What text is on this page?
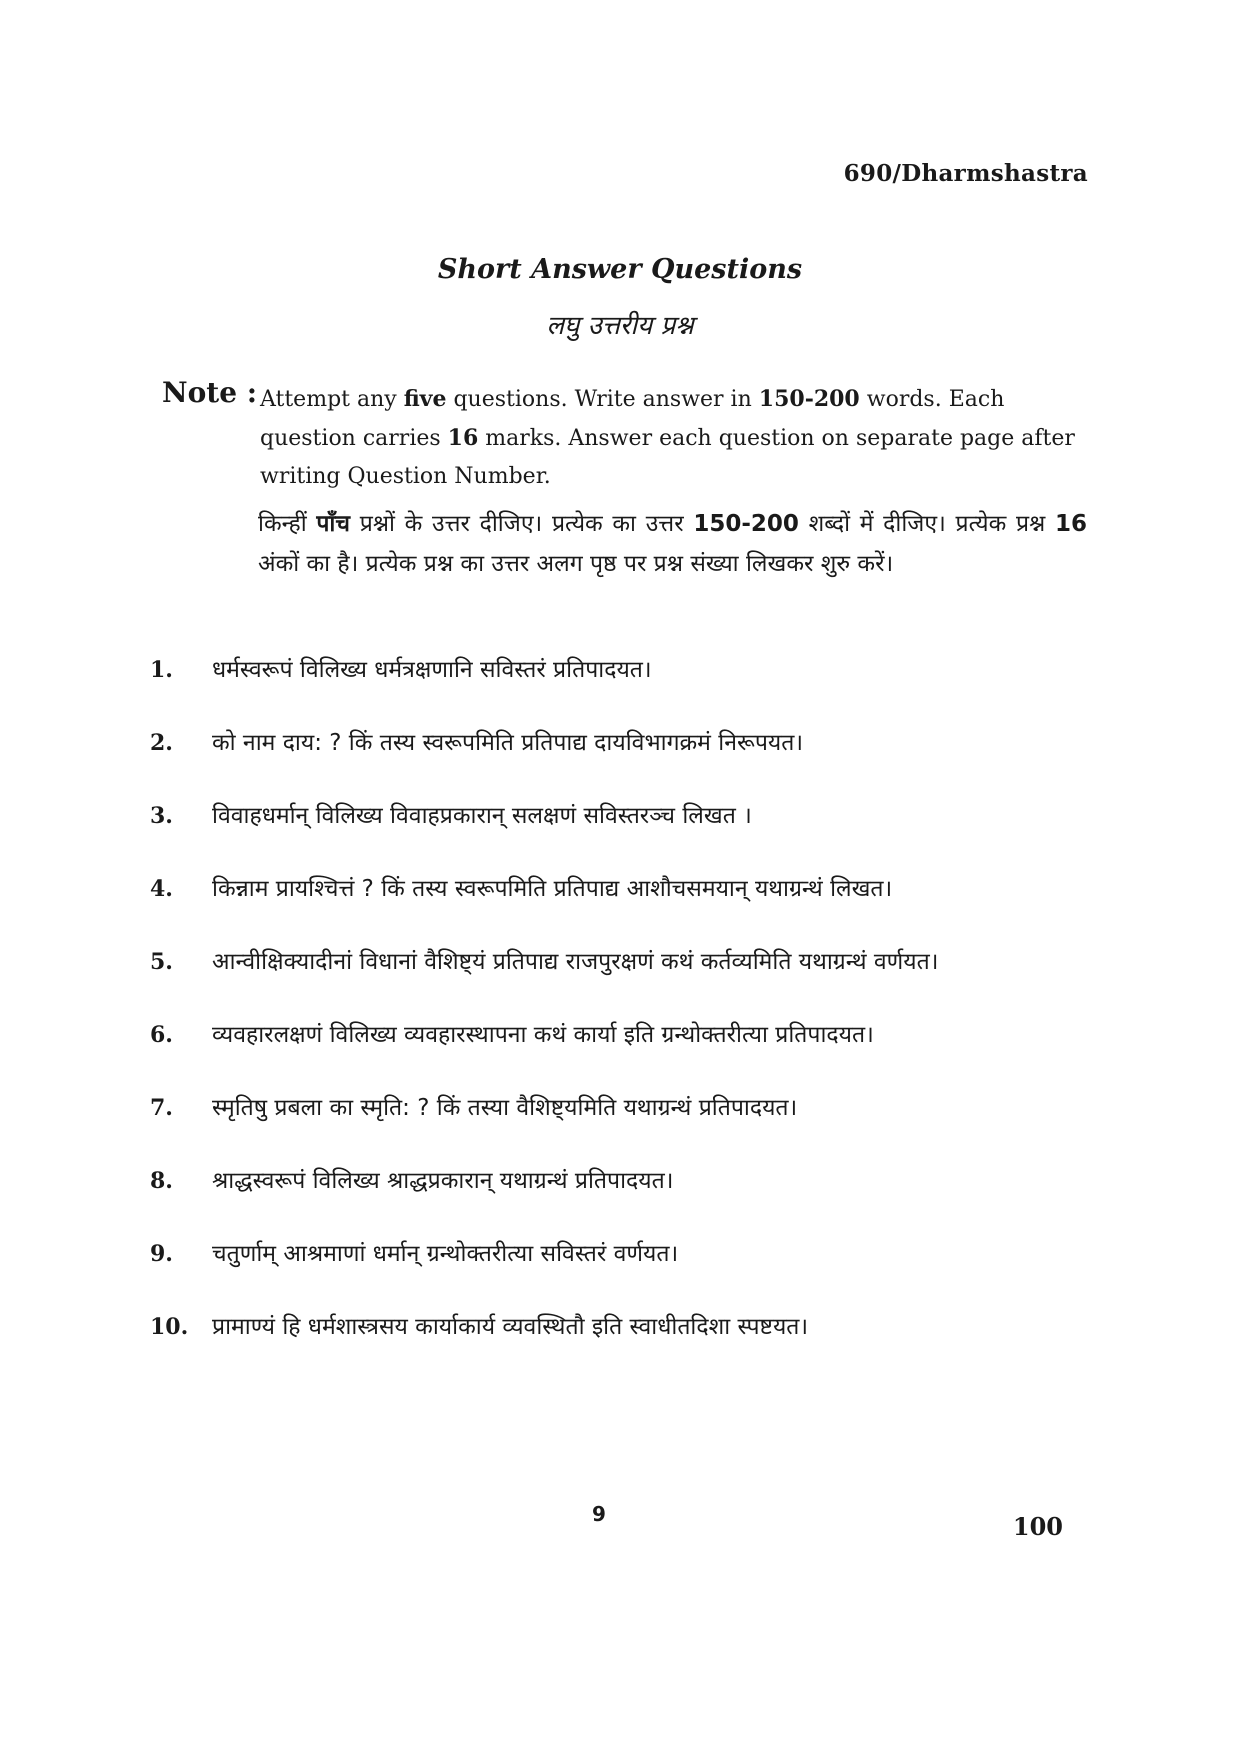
690/Dharmshastra
Short Answer Questions
लघु उत्तरीय प्रश्न
Note : Attempt any five questions. Write answer in 150-200 words. Each question carries 16 marks. Answer each question on separate page after writing Question Number.
किन्हीं पाँच प्रश्नों के उत्तर दीजिए। प्रत्येक का उत्तर 150-200 शब्दों में दीजिए। प्रत्येक प्रश्न 16 अंकों का है। प्रत्येक प्रश्न का उत्तर अलग पृष्ठ पर प्रश्न संख्या लिखकर शुरु करें।
1.	धर्मस्वरूपं विलिख्य धर्मत्रक्षणानि सविस्तरं प्रतिपादयत।
2.	को नाम दाय: ? किं तस्य स्वरूपमिति प्रतिपाद्य दायविभागक्रमं निरूपयत।
3.	विवाहधर्मान् विलिख्य विवाहप्रकारान् सलक्षणं सविस्तरञ्च लिखत ।
4.	किन्नाम प्रायश्चित्तं ? किं तस्य स्वरूपमिति प्रतिपाद्य आशौचसमयान् यथाग्रन्थं लिखत।
5.	आन्वीक्षिक्यादीनां विधानां वैशिष्ट्यं प्रतिपाद्य राजपुरक्षणं कथं कर्तव्यमिति यथाग्रन्थं वर्णयत।
6.	व्यवहारलक्षणं विलिख्य व्यवहारस्थापना कथं कार्या इति ग्रन्थोक्तरीत्या प्रतिपादयत।
7.	स्मृतिषु प्रबला का स्मृति: ? किं तस्या वैशिष्ट्यमिति यथाग्रन्थं प्रतिपादयत।
8.	श्राद्धस्वरूपं विलिख्य श्राद्धप्रकारान् यथाग्रन्थं प्रतिपादयत।
9.	चतुर्णाम् आश्रमाणां धर्मान् ग्रन्थोक्तरीत्या सविस्तरं वर्णयत।
10.	प्रामाण्यं हि धर्मशास्त्रसय कार्याकार्य व्यवस्थितौ इति स्वाधीतदिशा स्पष्टयत।
9	100
